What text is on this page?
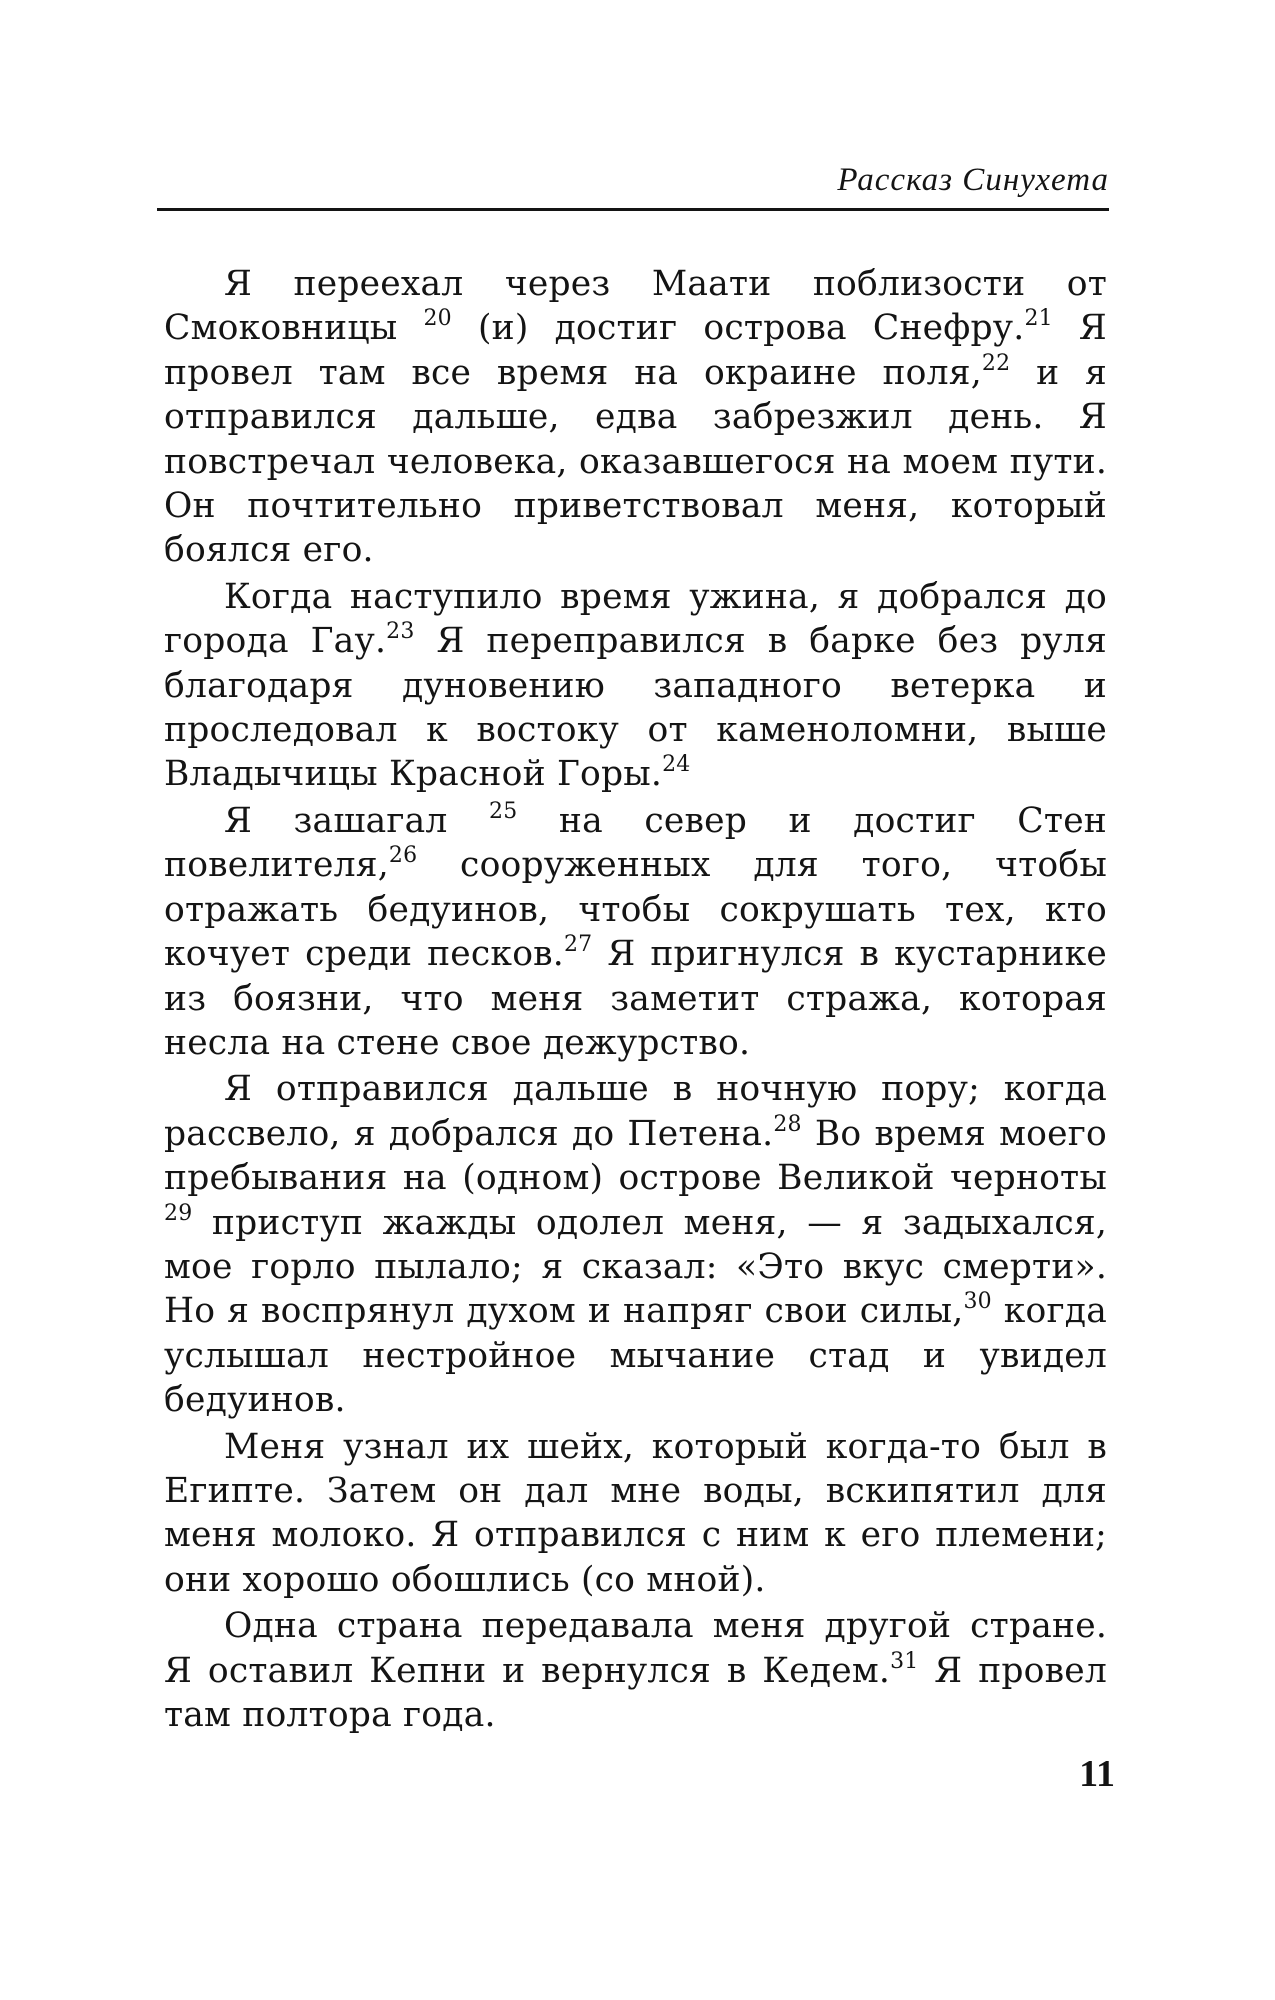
Рассказ Синухета

Я переехал через Маати поблизости от Смоковницы $^{20}$ (и) достиг острова Снефру.$^{21}$ Я провел там все время на окраине поля,$^{22}$ и я отправился дальше, едва забрезжил день. Я повстречал человека, оказавшегося на моем пути. Он почтительно приветствовал меня, который боялся его.

Когда наступило время ужина, я добрался до города Гау.$^{23}$ Я переправился в барке без руля благодаря дуновению западного ветерка и проследовал к востоку от каменоломни, выше Владычицы Красной Горы.$^{24}$

Я зашагал $^{25}$ на север и достиг Стен повелителя,$^{26}$ сооруженных для того, чтобы отражать бедуинов, чтобы сокрушать тех, кто кочует среди песков.$^{27}$ Я пригнулся в кустарнике из боязни, что меня заметит стража, которая несла на стене свое дежурство.

Я отправился дальше в ночную пору; когда рассвело, я добрался до Петена.$^{28}$ Во время моего пребывания на (одном) острове Великой черноты $^{29}$ приступ жажды одолел меня, — я задыхался, мое горло пылало; я сказал: «Это вкус смерти». Но я воспрянул духом и напряг свои силы,$^{30}$ когда услышал нестройное мычание стад и увидел бедуинов.

Меня узнал их шейх, который когда-то был в Египте. Затем он дал мне воды, вскипятил для меня молоко. Я отправился с ним к его племени; они хорошо обошлись (со мной).

Одна страна передавала меня другой стране. Я оставил Кепни и вернулся в Кедем.$^{31}$ Я провел там полтора года.

11
